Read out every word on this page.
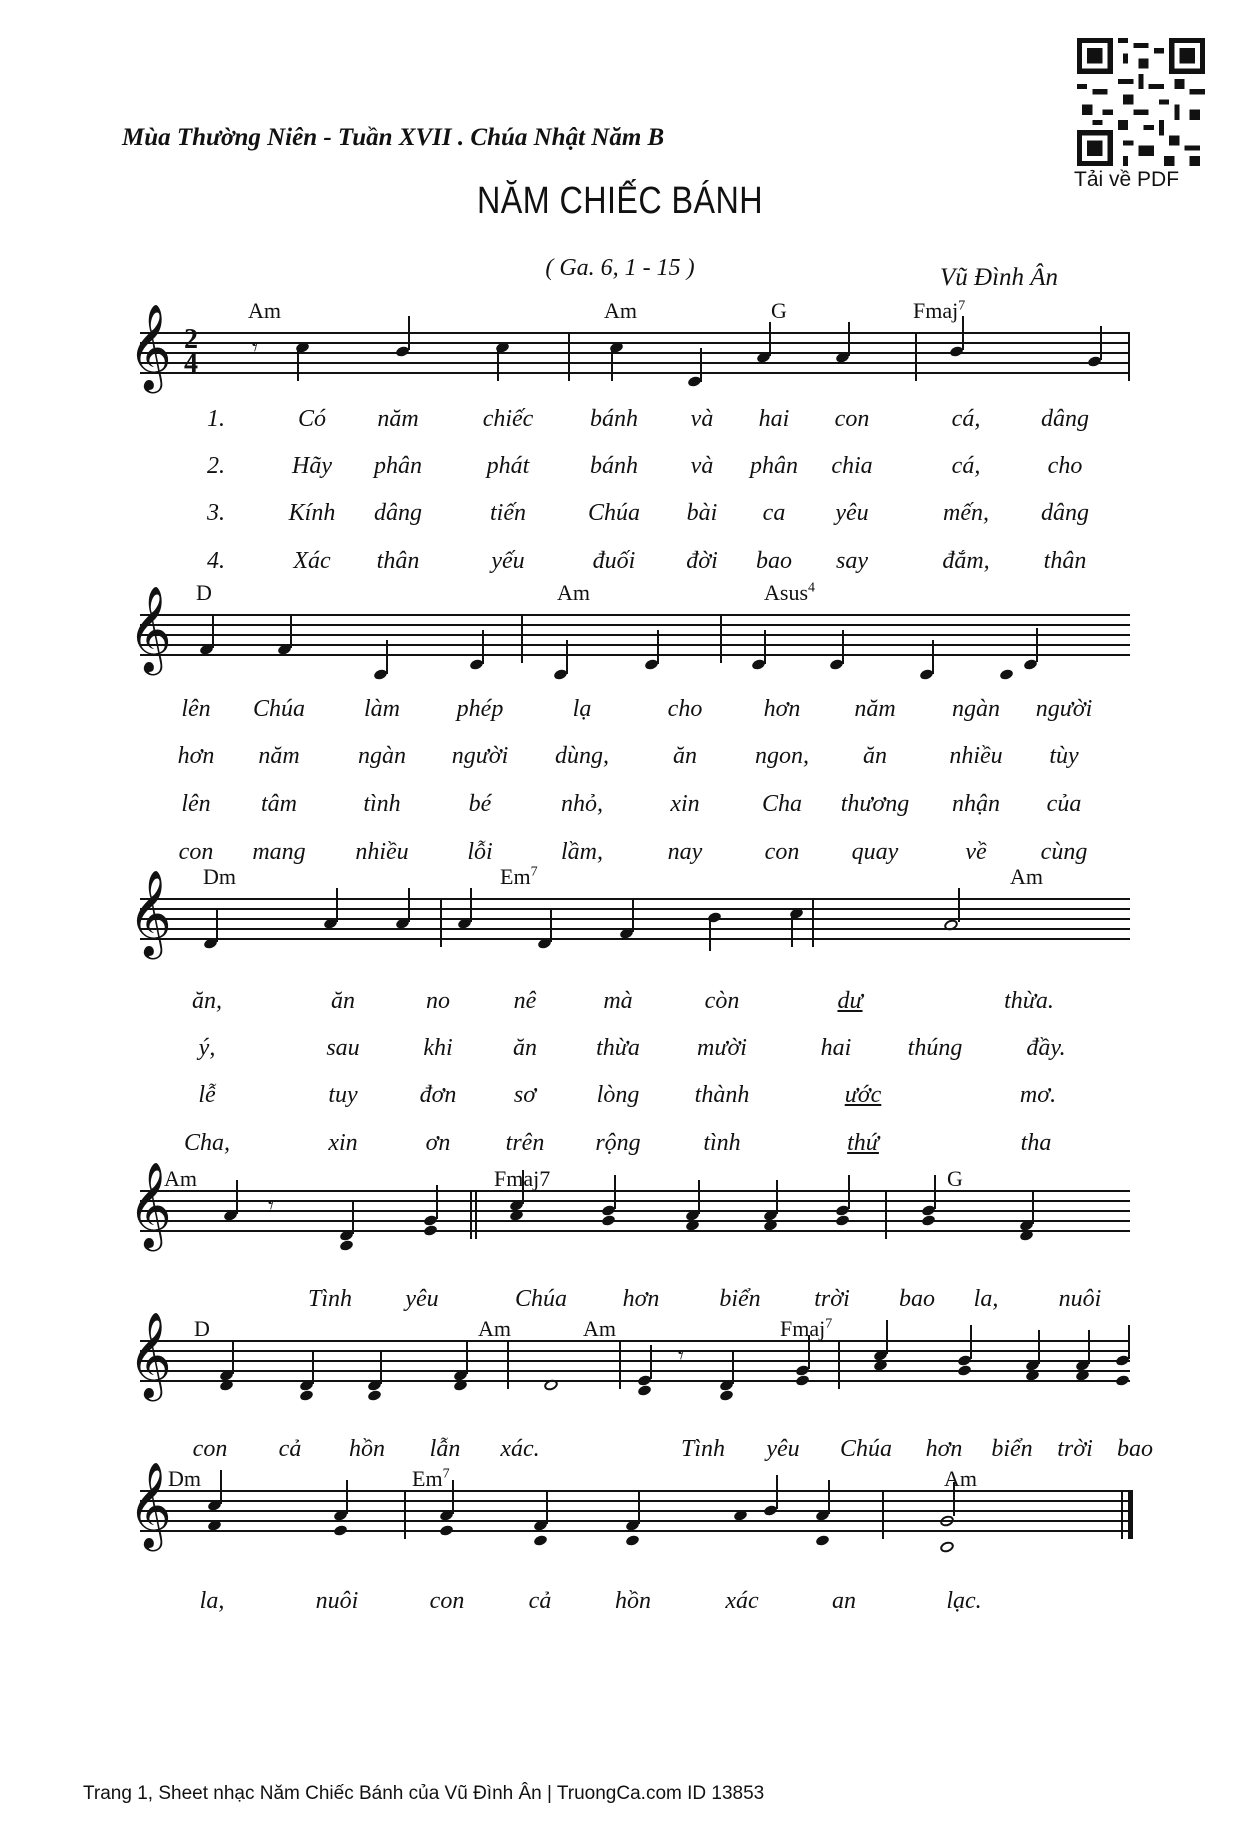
Mùa Thường Niên - Tuần XVII . Chúa Nhật Năm B
NĂM CHIẾC BÁNH
( Ga. 6, 1 - 15 )	Vũ Đình Ân
Tải về PDF
𝄞 2
4 𝄾
Am	Am	G	Fmaj$^7$
1.	Có năm	chiếc bánh và hai con	cá,	dâng
2.	Hãy phân	phát	bánh và phân chia	cá,	cho
3.	Kính dâng	tiến	Chúa bài ca yêu	mến, dâng
4.	Xác thân	yếu	đuối đời bao say	đắm, thân
𝄞 D	Am	Asus$^4$
lên Chúa làm phép	lạ	cho	hơn năm ngàn người
hơn năm ngàn người dùng,	ăn ngon, ăn	nhiều tùy
lên tâm	tình	bé	nhỏ,	xin	Cha thương nhận của
con mang nhiều lỗi	lầm,	nay	con quay	về cùng
𝄞 Dm	Em$^7$	Am
ăn,	ăn	no	nê	mà	còn	dư	thừa.
ý,	sau	khi	ăn thừa mười	hai thúng	đầy.
lễ	tuy	đơn sơ	lòng thành	ước	mơ.
Cha,	xin	ơn trên rộng	tình	thứ	tha
𝄞	𝄾
Am	Fmaj7	G
Tình yêu	Chúa hơn biển trời bao la,	nuôi
𝄞	𝄾
D	Am	Am	Fmaj$^7$
con cả hồn lẫn xác.	Tình yêu Chúa hơn biển trời bao
𝄞
Dm	Em$^7$	Am
la,	nuôi	con	cả	hồn	xác	an	lạc.
Trang 1, Sheet nhạc Năm Chiếc Bánh của Vũ Đình Ân | TruongCa.com ID 13853
